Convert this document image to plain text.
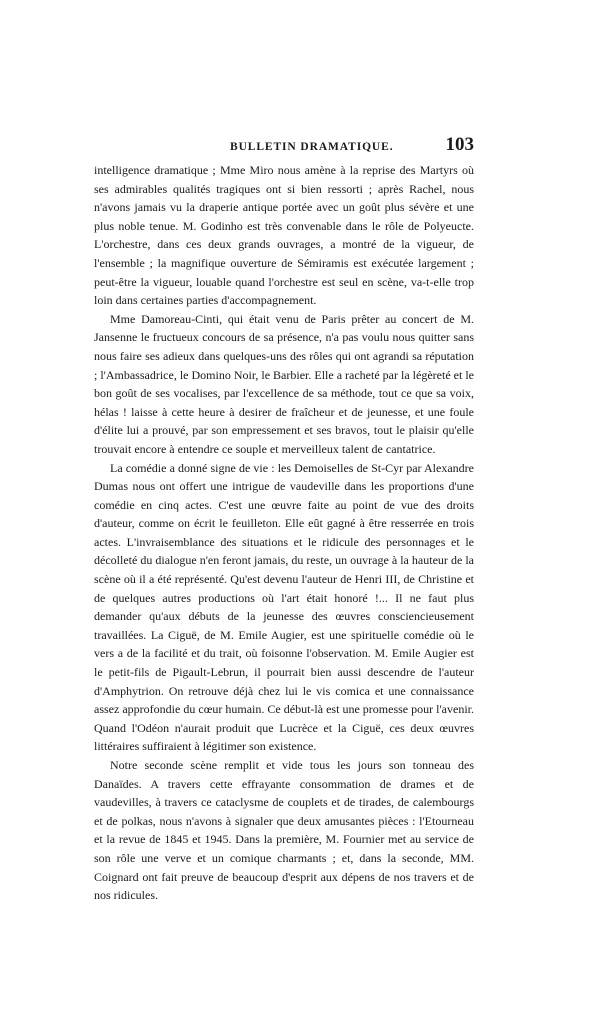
BULLETIN DRAMATIQUE.	103

intelligence dramatique ; Mme Miro nous amène à la reprise des Martyrs où ses admirables qualités tragiques ont si bien ressorti ; après Rachel, nous n'avons jamais vu la draperie antique portée avec un goût plus sévère et une plus noble tenue. M. Godinho est très convenable dans le rôle de Polyeucte. L'orchestre, dans ces deux grands ouvrages, a montré de la vigueur, de l'ensemble ; la magnifique ouverture de Sémiramis est exécutée largement ; peut-être la vigueur, louable quand l'orchestre est seul en scène, va-t-elle trop loin dans certaines parties d'accompagnement.

Mme Damoreau-Cinti, qui était venu de Paris prêter au concert de M. Jansenne le fructueux concours de sa présence, n'a pas voulu nous quitter sans nous faire ses adieux dans quelques-uns des rôles qui ont agrandi sa réputation ; l'Ambassadrice, le Domino Noir, le Barbier. Elle a racheté par la légèreté et le bon goût de ses vocalises, par l'excellence de sa méthode, tout ce que sa voix, hélas ! laisse à cette heure à desirer de fraîcheur et de jeunesse, et une foule d'élite lui a prouvé, par son empressement et ses bravos, tout le plaisir qu'elle trouvait encore à entendre ce souple et merveilleux talent de cantatrice.

La comédie a donné signe de vie : les Demoiselles de St-Cyr par Alexandre Dumas nous ont offert une intrigue de vaudeville dans les proportions d'une comédie en cinq actes. C'est une œuvre faite au point de vue des droits d'auteur, comme on écrit le feuilleton. Elle eût gagné à être resserrée en trois actes. L'invraisemblance des situations et le ridicule des personnages et le décolleté du dialogue n'en feront jamais, du reste, un ouvrage à la hauteur de la scène où il a été représenté. Qu'est devenu l'auteur de Henri III, de Christine et de quelques autres productions où l'art était honoré !... Il ne faut plus demander qu'aux débuts de la jeunesse des œuvres consciencieusement travaillées. La Ciguë, de M. Emile Augier, est une spirituelle comédie où le vers a de la facilité et du trait, où foisonne l'observation. M. Emile Augier est le petit-fils de Pigault-Lebrun, il pourrait bien aussi descendre de l'auteur d'Amphytrion. On retrouve déjà chez lui le vis comica et une connaissance assez approfondie du cœur humain. Ce début-là est une promesse pour l'avenir. Quand l'Odéon n'aurait produit que Lucrèce et la Ciguë, ces deux œuvres littéraires suffiraient à légitimer son existence.

Notre seconde scène remplit et vide tous les jours son tonneau des Danaïdes. A travers cette effrayante consommation de drames et de vaudevilles, à travers ce cataclysme de couplets et de tirades, de calembourgs et de polkas, nous n'avons à signaler que deux amusantes pièces : l'Etourneau et la revue de 1845 et 1945. Dans la première, M. Fournier met au service de son rôle une verve et un comique charmants ; et, dans la seconde, MM. Coignard ont fait preuve de beaucoup d'esprit aux dépens de nos travers et de nos ridicules.
